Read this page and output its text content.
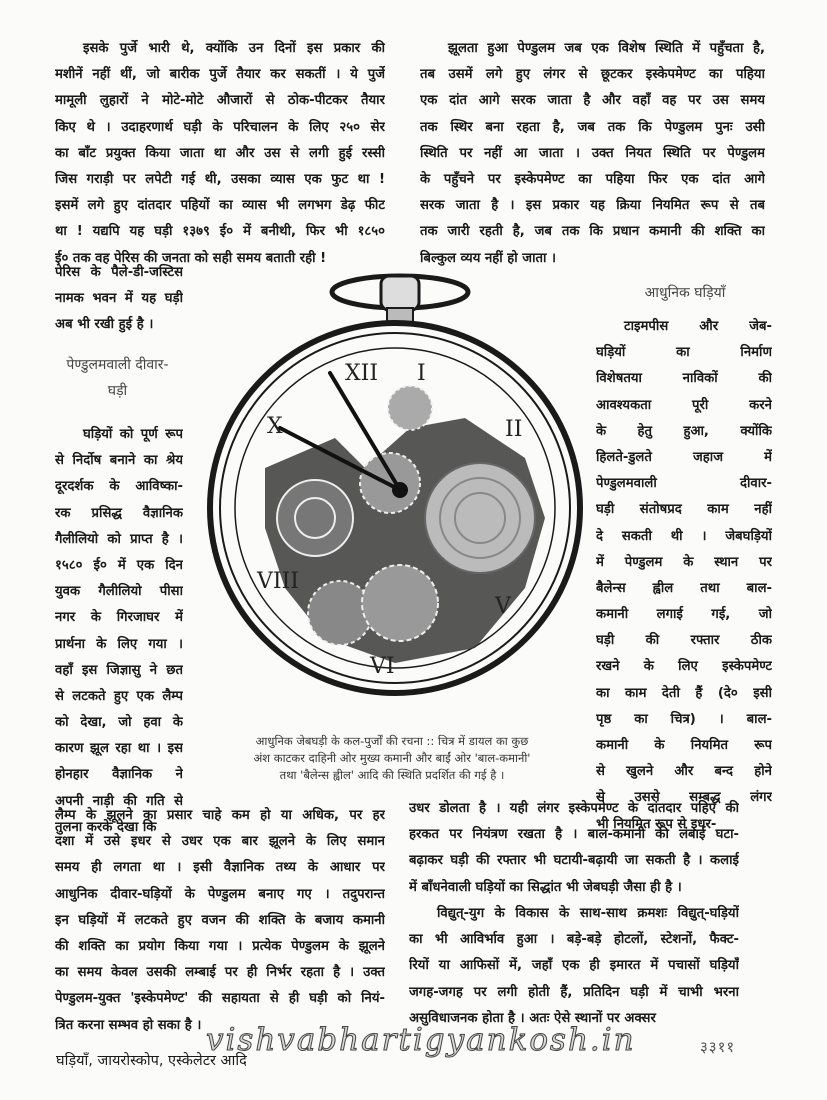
इसके पुर्जे भारी थे, क्योंकि उन दिनों इस प्रकार की
मशीनें नहीं थीं, जो बारीक पुर्जे तैयार कर सकतीं । ये पुर्जे
मामूली लुहारों ने मोटे-मोटे औजारों से ठोक-पीटकर तैयार
किए थे । उदाहरणार्थ घड़ी के परिचालन के लिए २५० सेर
का बाँट प्रयुक्त किया जाता था और उस से लगी हुई रस्सी
जिस गराड़ी पर लपेटी गई थी, उसका व्यास एक फुट था !
इसमें लगे हुए दांतदार पहियों का व्यास भी लगभग डेढ़ फीट
था ! यद्यपि यह घड़ी १३७९ ई० में बनीथी, फिर भी १८५०
ई० तक वह पेरिस की जनता को सही समय बताती रही !
झूलता हुआ पेण्डुलम जब एक विशेष स्थिति में पहुँचता है,
तब उसमें लगे हुए लंगर से छूटकर इस्केपमेण्ट का पहिया
एक दांत आगे सरक जाता है और वहाँ वह पर उस समय
तक स्थिर बना रहता है, जब तक कि पेण्डुलम पुनः उसी
स्थिति पर नहीं आ जाता । उक्त नियत स्थिति पर पेण्डुलम
के पहुँचने पर इस्केपमेण्ट का पहिया फिर एक दांत आगे
सरक जाता है । इस प्रकार यह क्रिया नियमित रूप से तब
तक जारी रहती है, जब तक कि प्रधान कमानी की शक्ति का
बिल्कुल व्यय नहीं हो जाता ।
पेरिस के पैले-डी-जस्टिस
नामक भवन में यह घड़ी
अब भी रखी हुई है ।
पेण्डुलमवाली दीवार-
घड़ी
घड़ियों को पूर्ण रूप
से निर्दोष बनाने का श्रेय
दूरदर्शक के आविष्का-
रक प्रसिद्ध वैज्ञानिक
गैलीलियो को प्राप्त है ।
१५८० ई० में एक दिन
युवक गैलीलियो पीसा
नगर के गिरजाघर में
प्रार्थना के लिए गया ।
वहाँ इस जिज्ञासु ने छत
से लटकते हुए एक लैम्प
को देखा, जो हवा के
कारण झूल रहा था । इस
होनहार वैज्ञानिक ने
अपनी नाड़ी की गति से
तुलना करके देखा कि
आधुनिक घड़ियाँ
टाइमपीस और जेब-
घड़ियों का निर्माण
विशेषतया नाविकों की
आवश्यकता पूरी करने
के हेतु हुआ, क्योंकि
हिलते-डुलते जहाज में
पेण्डुलमवाली दीवार-
घड़ी संतोषप्रद काम नहीं
दे सकती थी । जेबघड़ियों
में पेण्डुलम के स्थान पर
बैलेन्स ह्वील तथा बाल-
कमानी लगाई गई, जो
घड़ी की रफ्तार ठीक
रखने के लिए इस्केपमेण्ट
का काम देती हैं (दे० इसी
पृष्ठ का चित्र) । बाल-
कमानी के नियमित रूप
से खुलने और बन्द होने
से उससे सम्बद्ध लंगर
भी नियमित रूप से इधर-
XII I
II
X
VIII
V
VI
आधुनिक जेबघड़ी के कल-पुर्जों की रचना :: चित्र में डायल का कुछ
अंश काटकर दाहिनी ओर मुख्य कमानी और बाईं ओर 'बाल-कमानी'
तथा 'बैलेन्स ह्वील' आदि की स्थिति प्रदर्शित की गई है ।
लैम्प के झूलने का प्रसार चाहे कम हो या अधिक, पर हर
दशा में उसे इधर से उधर एक बार झूलने के लिए समान
समय ही लगता था । इसी वैज्ञानिक तथ्य के आधार पर
आधुनिक दीवार-घड़ियों के पेण्डुलम बनाए गए । तदुपरान्त
इन घड़ियों में लटकते हुए वजन की शक्ति के बजाय कमानी
की शक्ति का प्रयोग किया गया । प्रत्येक पेण्डुलम के झूलने
का समय केवल उसकी लम्बाई पर ही निर्भर रहता है । उक्त
पेण्डुलम-युक्त 'इस्केपमेण्ट' की सहायता से ही घड़ी को नियं-
त्रित करना सम्भव हो सका है ।
उधर डोलता है । यही लंगर इस्केपमेण्ट के दांतदार पहिए की
हरकत पर नियंत्रण रखता है । बाल-कमानी की लंबाई घटा-
बढ़ाकर घड़ी की रफ्तार भी घटायी-बढ़ायी जा सकती है । कलाई
में बाँधनेवाली घड़ियों का सिद्धांत भी जेबघड़ी जैसा ही है ।
विद्युत्-युग के विकास के साथ-साथ क्रमशः विद्युत्-घड़ियों
का भी आविर्भाव हुआ । बड़े-बड़े होटलों, स्टेशनों, फैक्ट-
रियों या आफिसों में, जहाँ एक ही इमारत में पचासों घड़ियाँ
जगह-जगह पर लगी होती हैं, प्रतिदिन घड़ी में चाभी भरना
असुविधाजनक होता है । अतः ऐसे स्थानों पर अक्सर
vishvabhartigyankosh.in	३३११
घड़ियाँ, जायरोस्कोप, एस्केलेटर आदि
